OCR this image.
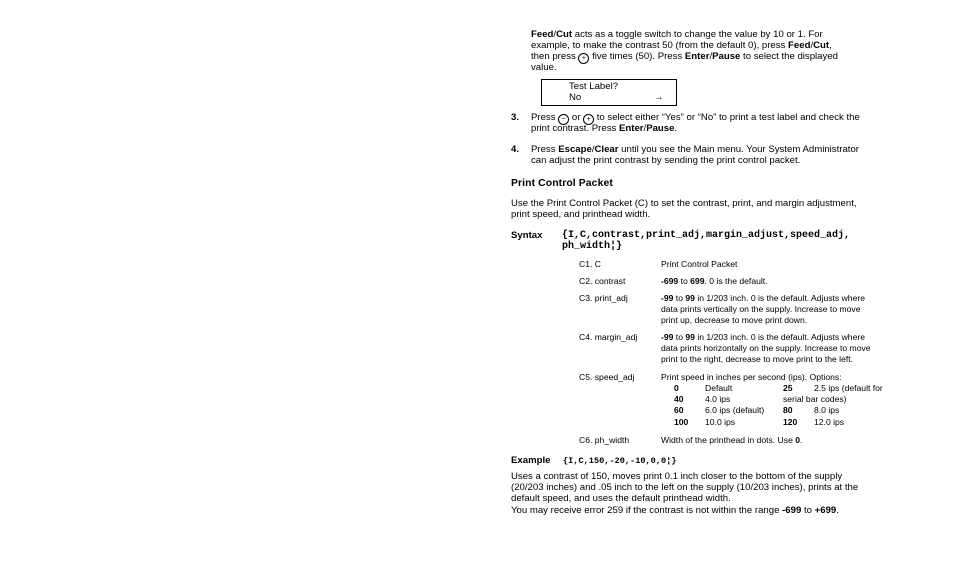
Feed/Cut acts as a toggle switch to change the value by 10 or 1. For
example, to make the contrast 50 (from the default 0), press Feed/Cut,
then press + five times (50). Press Enter/Pause to select the displayed
value.
Test Label?
No	→
3. Press − or + to select either “Yes” or “No” to print a test label and check the
print contrast. Press Enter/Pause.
4. Press Escape/Clear until you see the Main menu. Your System Administrator
can adjust the print contrast by sending the print control packet.
Print Control Packet
Use the Print Control Packet (C) to set the contrast, print, and margin adjustment,
print speed, and printhead width.
Syntax {I,C,contrast,print_adj,margin_adjust,speed_adj,
ph_width¦}
C1. C	Print Control Packet
C2. contrast	-699 to 699. 0 is the default.
C3. print_adj	-99 to 99 in 1/203 inch. 0 is the default. Adjusts where
data prints vertically on the supply. Increase to move
print up, decrease to move print down.
C4. margin_adj	-99 to 99 in 1/203 inch. 0 is the default. Adjusts where
data prints horizontally on the supply. Increase to move
print to the right, decrease to move print to the left.
C5. speed_adj	Print speed in inches per second (ips). Options:
0	Default	25 2.5 ips (default for
40 4.0 ips	serial bar codes)
60 6.0 ips (default) 80 8.0 ips
100 10.0 ips	120 12.0 ips
C6. ph_width	Width of the printhead in dots. Use 0.
Example {I,C,150,-20,-10,0,0¦}
Uses a contrast of 150, moves print 0.1 inch closer to the bottom of the supply
(20/203 inches) and .05 inch to the left on the supply (10/203 inches), prints at the
default speed, and uses the default printhead width.
You may receive error 259 if the contrast is not within the range -699 to +699.
